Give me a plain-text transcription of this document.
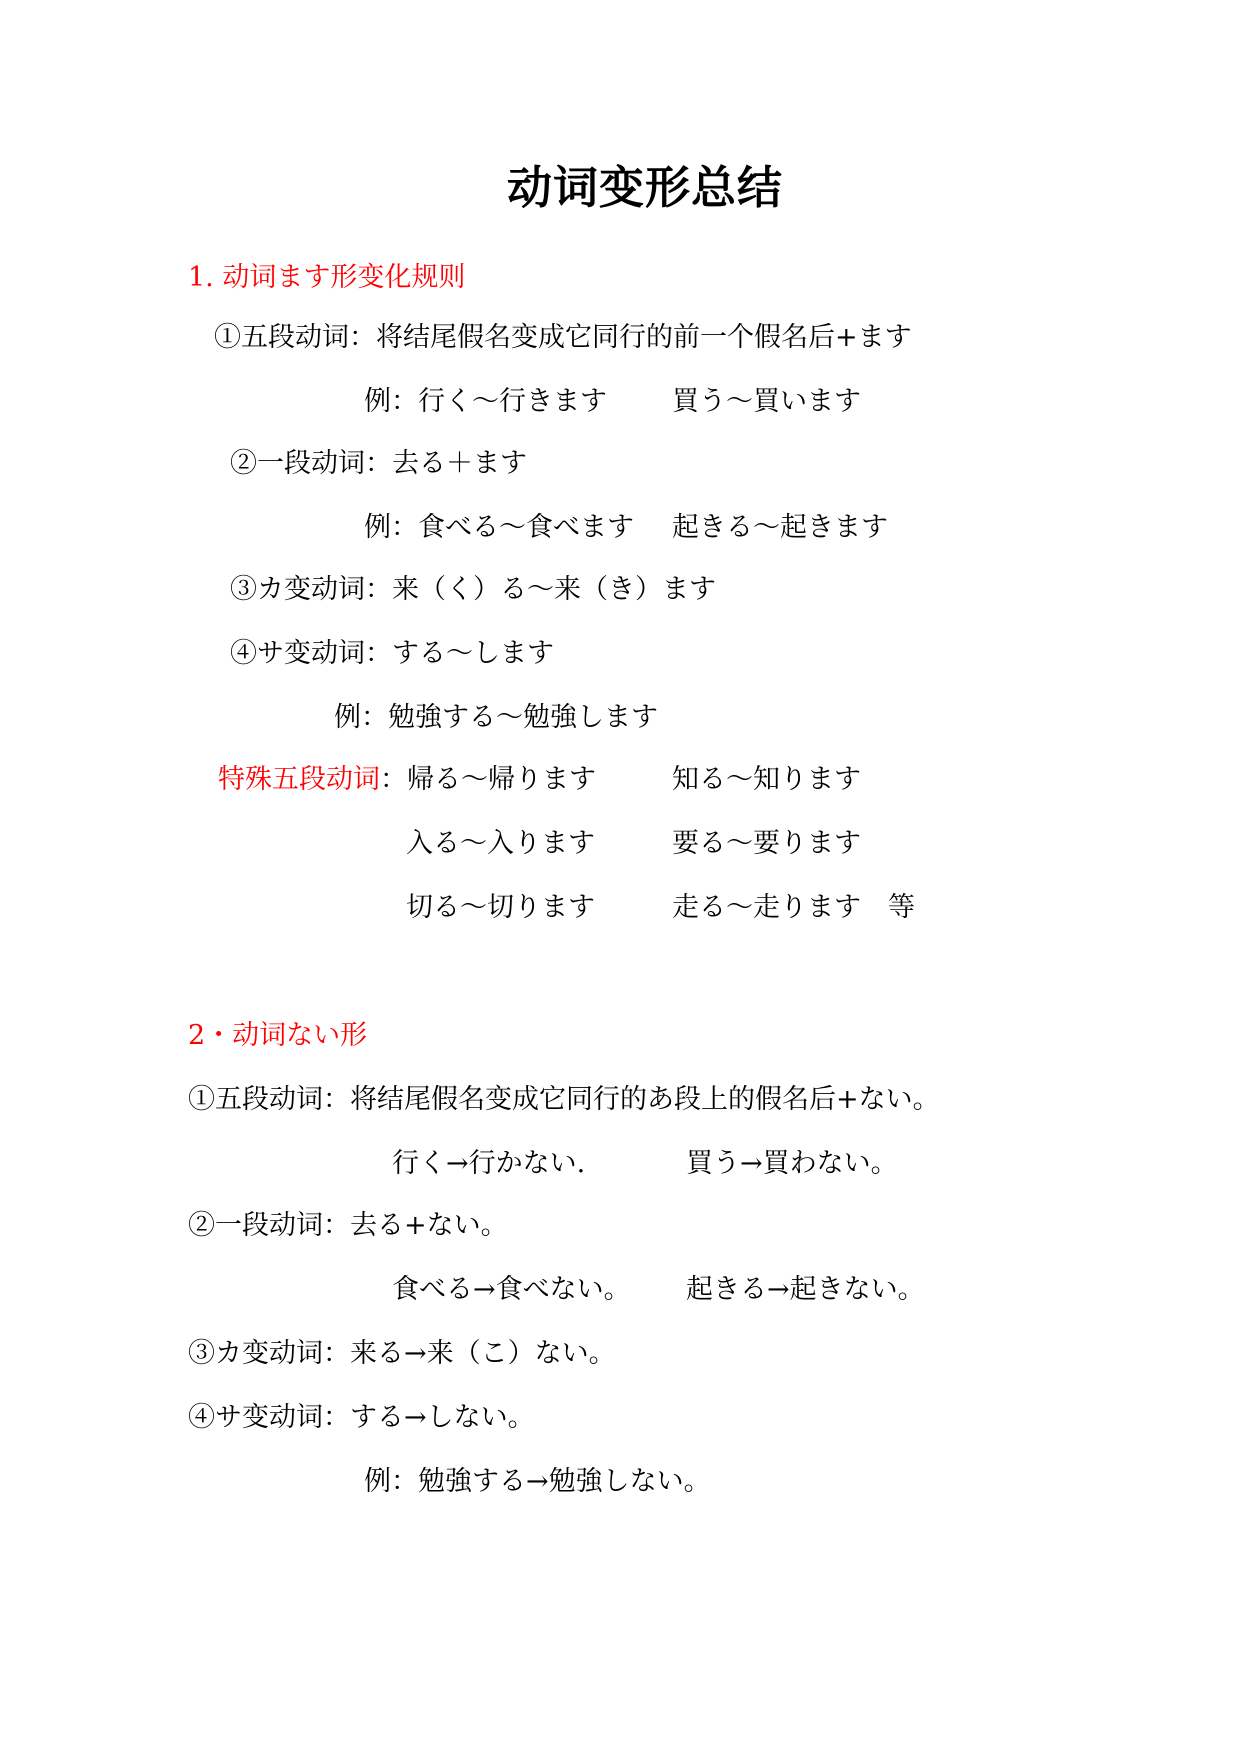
动词变形总结
1. 动词ます形变化规则
①五段动词：将结尾假名变成它同行的前一个假名后+ます
例：行く～行きます 買う～買います
②一段动词：去る＋ます
例：食べる～食べます 起きる～起きます
③カ变动词：来（く）る～来（き）ます
④サ变动词：する～します
例：勉強する～勉強します
特殊五段动词：帰る～帰ります	知る～知ります
入る～入ります	要る～要ります
切る～切ります	走る～走ります　等
2・动词ない形
①五段动词：将结尾假名变成它同行的あ段上的假名后+ない。
行く→行かない.	買う→買わない。
②一段动词：去る+ない。
食べる→食べない。 起きる→起きない。
③カ变动词：来る→来（こ）ない。
④サ变动词：する→しない。
例：勉強する→勉強しない。
